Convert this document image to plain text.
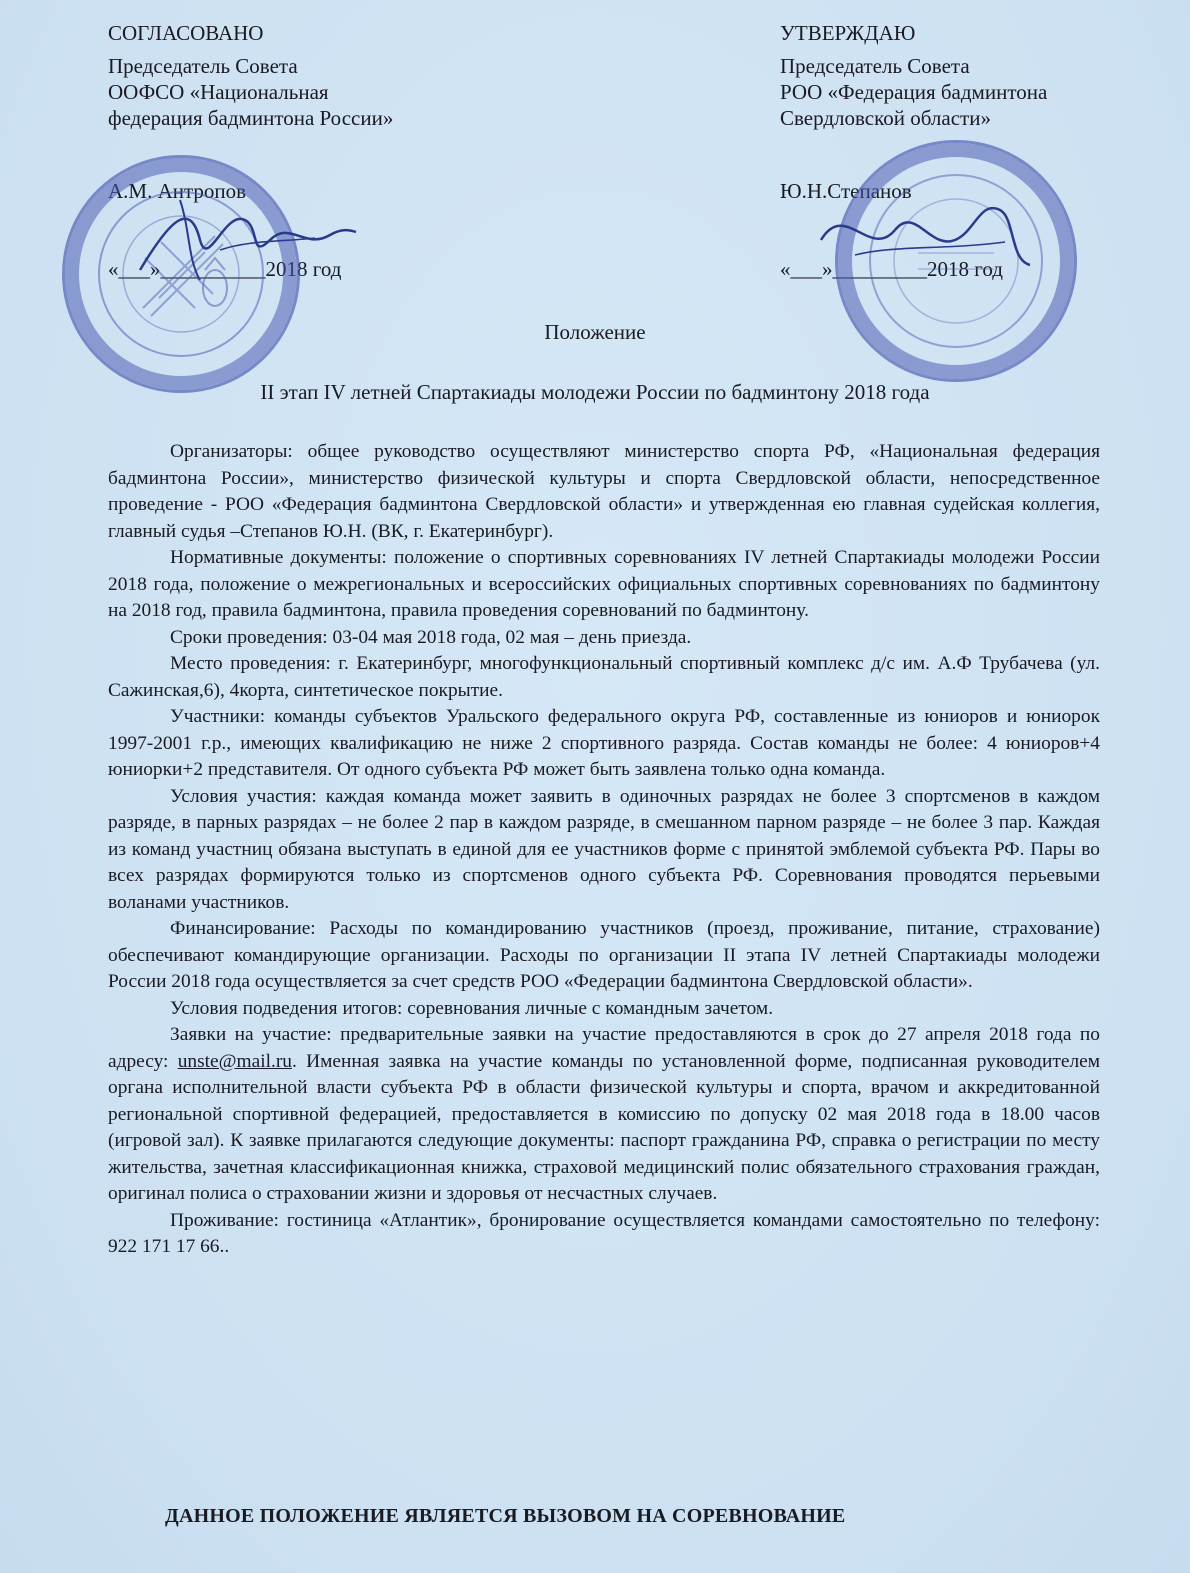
СОГЛАСОВАНО
Председатель Совета
ООФСО «Национальная
федерация бадминтона России»
А.М. Антропов
«___»__________2018 год
УТВЕРЖДАЮ
Председатель Совета
РОО «Федерация бадминтона
Свердловской области»
Ю.Н.Степанов
«___»_________2018 год
Положение
II этап IV летней Спартакиады молодежи России по бадминтону 2018 года

Организаторы: общее руководство осуществляют министерство спорта РФ, «Национальная федерация бадминтона России», министерство физической культуры и спорта Свердловской области, непосредственное проведение - РОО «Федерация бадминтона Свердловской области» и утвержденная ею главная судейская коллегия, главный судья –Степанов Ю.Н. (ВК, г. Екатеринбург).

Нормативные документы: положение о спортивных соревнованиях IV летней Спартакиады молодежи России 2018 года, положение о межрегиональных и всероссийских официальных спортивных соревнованиях по бадминтону на 2018 год, правила бадминтона, правила проведения соревнований по бадминтону.

Сроки проведения: 03-04 мая 2018 года, 02 мая – день приезда.

Место проведения: г. Екатеринбург, многофункциональный спортивный комплекс д/с им. А.Ф Трубачева (ул. Сажинская,6), 4корта, синтетическое покрытие.

Участники: команды субъектов Уральского федерального округа РФ, составленные из юниоров и юниорок 1997-2001 г.р., имеющих квалификацию не ниже 2 спортивного разряда. Состав команды не более: 4 юниоров+4 юниорки+2 представителя. От одного субъекта РФ может быть заявлена только одна команда.

Условия участия: каждая команда может заявить в одиночных разрядах не более 3 спортсменов в каждом разряде, в парных разрядах – не более 2 пар в каждом разряде, в смешанном парном разряде – не более 3 пар. Каждая из команд участниц обязана выступать в единой для ее участников форме с принятой эмблемой субъекта РФ. Пары во всех разрядах формируются только из спортсменов одного субъекта РФ. Соревнования проводятся перьевыми воланами участников.

Финансирование: Расходы по командированию участников (проезд, проживание, питание, страхование) обеспечивают командирующие организации. Расходы по организации II этапа IV летней Спартакиады молодежи России 2018 года осуществляется за счет средств РОО «Федерации бадминтона Свердловской области».

Условия подведения итогов: соревнования личные с командным зачетом.

Заявки на участие: предварительные заявки на участие предоставляются в срок до 27 апреля 2018 года по адресу: unste@mail.ru. Именная заявка на участие команды по установленной форме, подписанная руководителем органа исполнительной власти субъекта РФ в области физической культуры и спорта, врачом и аккредитованной региональной спортивной федерацией, предоставляется в комиссию по допуску 02 мая 2018 года в 18.00 часов (игровой зал). К заявке прилагаются следующие документы: паспорт гражданина РФ, справка о регистрации по месту жительства, зачетная классификационная книжка, страховой медицинский полис обязательного страхования граждан, оригинал полиса о страховании жизни и здоровья от несчастных случаев.

Проживание: гостиница «Атлантик», бронирование осуществляется командами самостоятельно по телефону: 922 171 17 66..

ДАННОЕ ПОЛОЖЕНИЕ ЯВЛЯЕТСЯ ВЫЗОВОМ НА СОРЕВНОВАНИЕ
